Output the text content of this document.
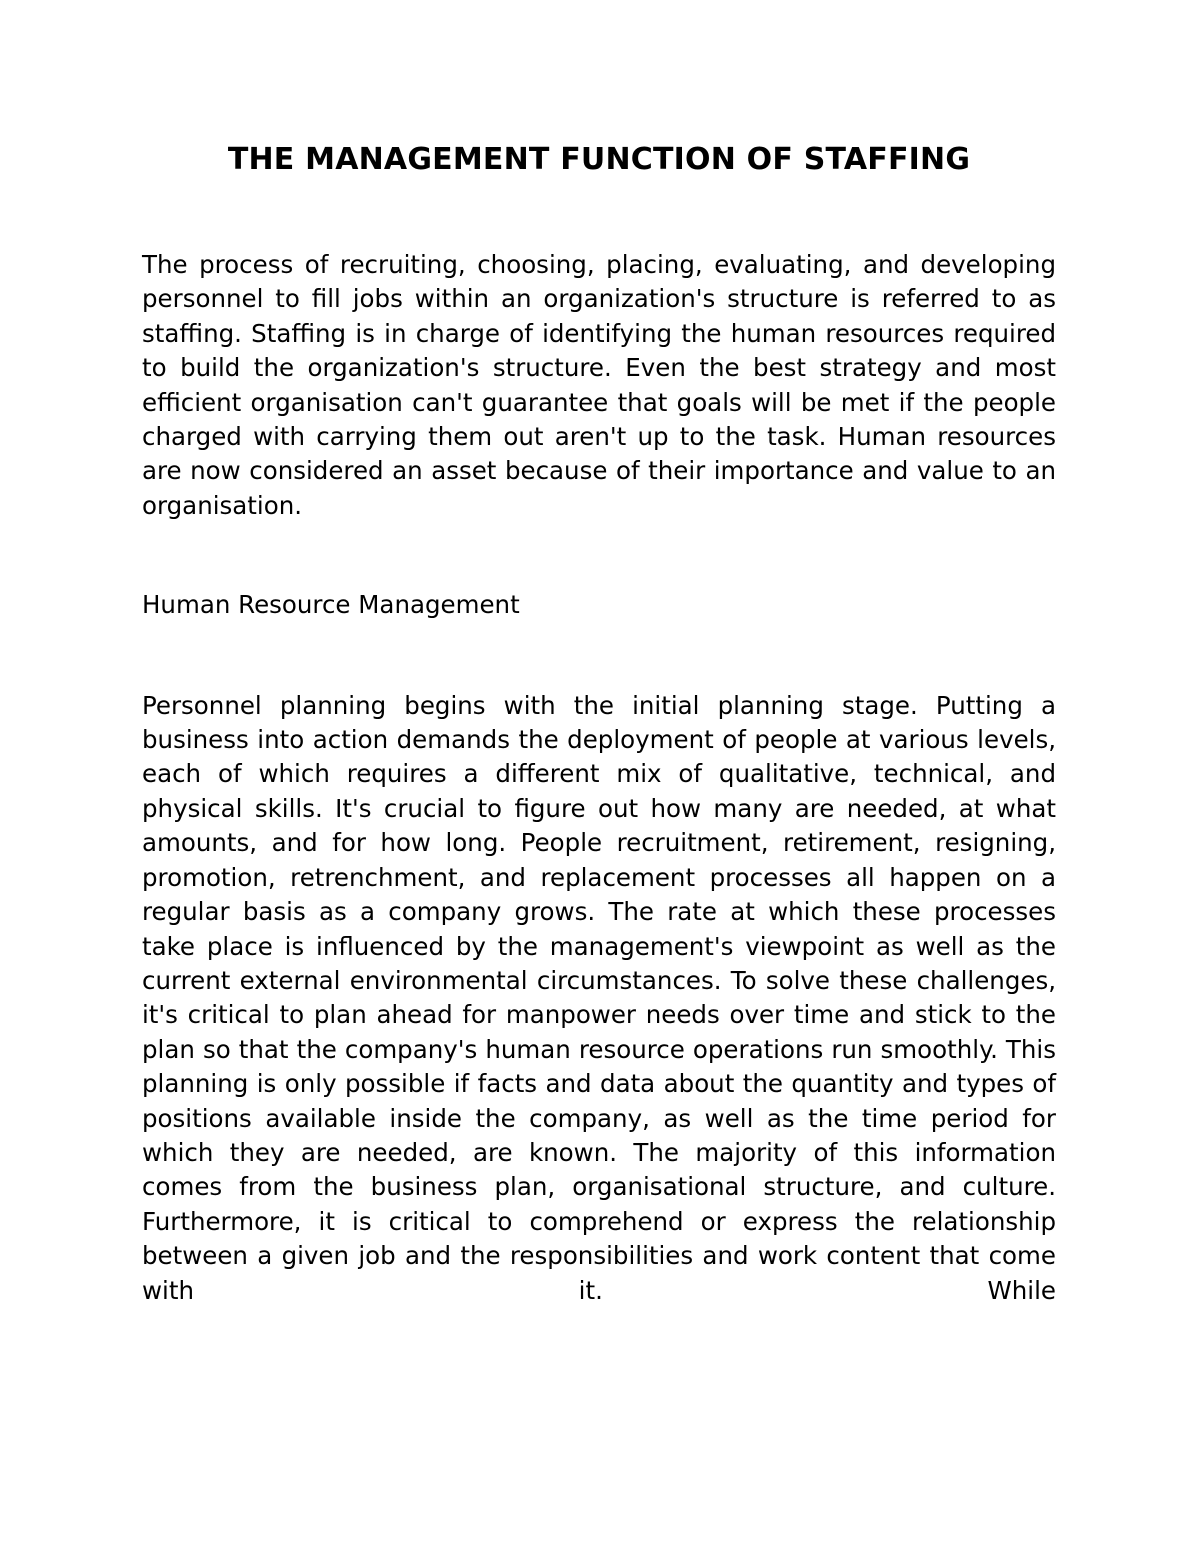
THE MANAGEMENT FUNCTION OF STAFFING

The process of recruiting, choosing, placing, evaluating, and developing personnel to fill jobs within an organization's structure is referred to as staffing. Staffing is in charge of identifying the human resources required to build the organization's structure. Even the best strategy and most efficient organisation can't guarantee that goals will be met if the people charged with carrying them out aren't up to the task. Human resources are now considered an asset because of their importance and value to an organisation.

Human Resource Management

Personnel planning begins with the initial planning stage. Putting a business into action demands the deployment of people at various levels, each of which requires a different mix of qualitative, technical, and physical skills. It's crucial to figure out how many are needed, at what amounts, and for how long. People recruitment, retirement, resigning, promotion, retrenchment, and replacement processes all happen on a regular basis as a company grows. The rate at which these processes take place is influenced by the management's viewpoint as well as the current external environmental circumstances. To solve these challenges, it's critical to plan ahead for manpower needs over time and stick to the plan so that the company's human resource operations run smoothly. This planning is only possible if facts and data about the quantity and types of positions available inside the company, as well as the time period for which they are needed, are known. The majority of this information comes from the business plan, organisational structure, and culture. Furthermore, it is critical to comprehend or express the relationship between a given job and the responsibilities and work content that come with it. While
